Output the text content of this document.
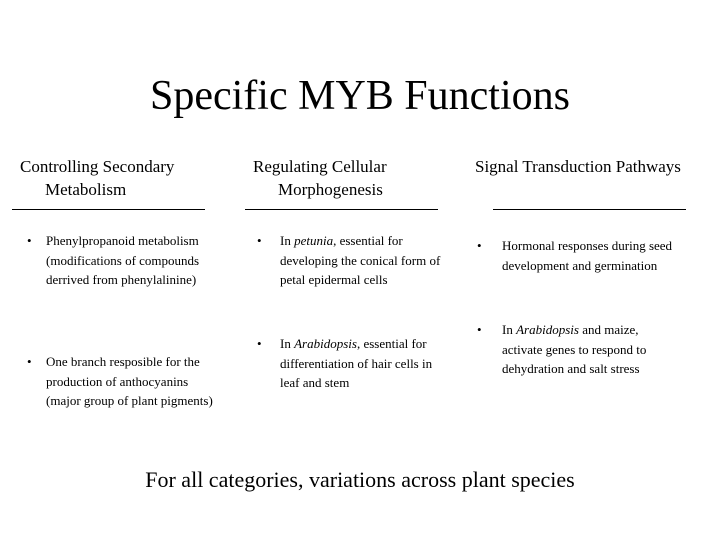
Specific MYB Functions
Controlling Secondary Metabolism
• Phenylpropanoid metabolism (modifications of compounds derrived from phenylalinine)
• One branch resposible for the production of anthocyanins (major group of plant pigments)
Regulating Cellular Morphogenesis
• In petunia, essential for developing the conical form of petal epidermal cells
• In Arabidopsis, essential for differentiation of hair cells in leaf and stem
Signal Transduction Pathways
• Hormonal responses during seed development and germination
• In Arabidopsis and maize, activate genes to respond to dehydration and salt stress
For all categories, variations across plant species
